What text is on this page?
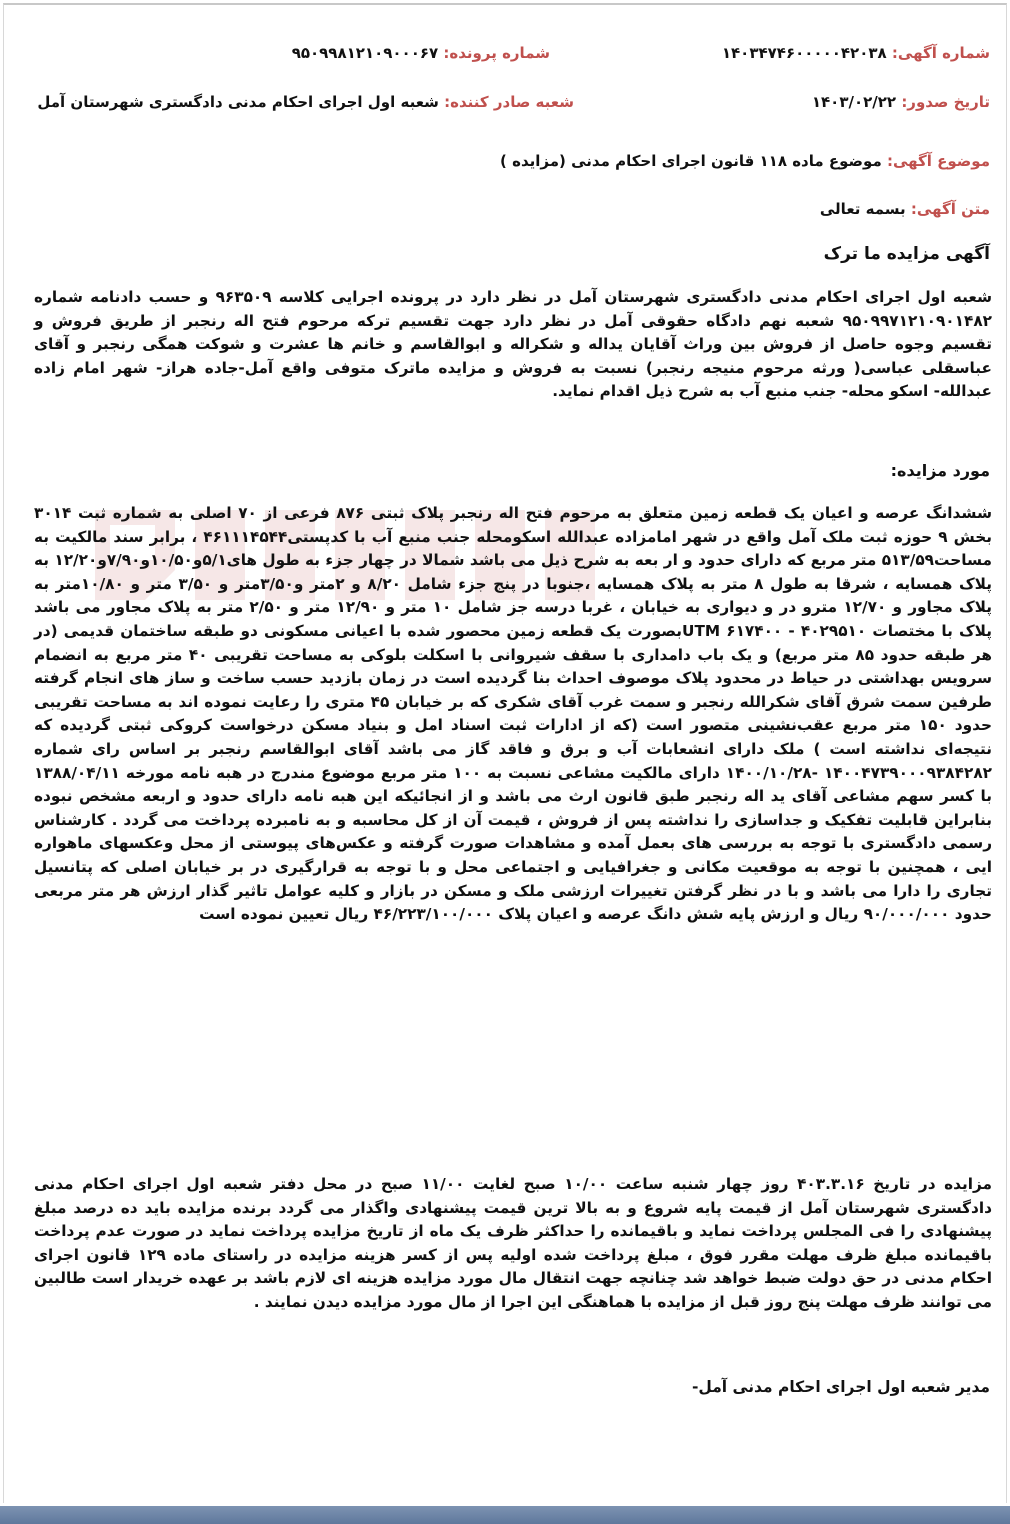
شماره آگهی: ۱۴۰۳۴۷۴۶۰۰۰۰۰۴۲۰۳۸
شماره پرونده: ۹۵۰۹۹۸۱۲۱۰۹۰۰۰۶۷
تاریخ صدور: ۱۴۰۳/۰۲/۲۲
شعبه صادر کننده: شعبه اول اجرای احکام مدنی دادگستری شهرستان آمل
موضوع آگهی: موضوع ماده ۱۱۸ قانون اجرای احکام مدنی (مزایده )
متن آگهی: بسمه تعالی
آگهی مزایده ما ترک
شعبه اول اجرای احکام مدنی دادگستری شهرستان آمل در نظر دارد در پرونده اجرایی کلاسه ۹۶۳۵۰۹ و حسب دادنامه شماره ۹۵۰۹۹۷۱۲۱۰۹۰۱۴۸۲ شعبه نهم دادگاه حقوقی آمل در نظر دارد جهت تقسیم ترکه مرحوم فتح اله رنجبر از طریق فروش و تقسیم وجوه حاصل از فروش بین وراث آقایان یداله و شکراله و ابوالقاسم و خانم ها عشرت و شوکت همگی رنجبر و آقای عباسقلی عباسی( ورثه مرحوم منیجه رنجبر) نسبت به فروش و مزایده ماترک متوفی واقع آمل-جاده هراز- شهر امام زاده عبدالله- اسکو محله- جنب منبع آب به شرح ذیل اقدام نماید.
مورد مزایده:
ششدانگ عرصه و اعیان یک قطعه زمین متعلق به مرحوم فتح اله رنجبر پلاک ثبتی ۸۷۶ فرعی از ۷۰ اصلی به شماره ثبت ۳۰۱۴ بخش ۹ حوزه ثبت ملک آمل واقع در شهر امامزاده عبدالله اسکومحله جنب منبع آب با کدپستی۴۶۱۱۱۴۵۴۴ ، برابر سند مالکیت به مساحت۵۱۳/۵۹ متر مربع که دارای حدود و ار بعه به شرح ذیل می باشد شمالا در چهار جزء به طول های۵/۱و۱۰/۵۰و۷/۹۰و۱۲/۲۰ به پلاک همسایه ، شرقا به طول ۸ متر به پلاک همسایه ،جنوبا در پنج جزء شامل ۸/۲۰ و ۲متر و۳/۵۰متر و ۳/۵۰ متر و ۱۰/۸۰متر به پلاک مجاور و ۱۲/۷۰ مترو در و دیواری به خیابان ، غربا درسه جز شامل ۱۰ متر و ۱۲/۹۰ متر و ۲/۵۰ متر به پلاک مجاور می باشد پلاک با مختصات ۴۰۲۹۵۱۰ - ۶۱۷۴۰۰ UTMبصورت یک قطعه زمین محصور شده با اعیانی مسکونی دو طبقه ساختمان قدیمی (در هر طبقه حدود ۸۵ متر مربع) و یک باب دامداری با سقف شیروانی با اسکلت بلوکی به مساحت تقریبی ۴۰ متر مربع به انضمام سرویس بهداشتی در حیاط در محدود پلاک موصوف احداث بنا گردیده است در زمان بازدید حسب ساخت و ساز های انجام گرفته طرفین سمت شرق آقای شکرالله رنجبر و سمت غرب آقای شکری که بر خیابان ۴۵ متری را رعایت نموده اند به مساحت تقریبی حدود ۱۵۰ متر مربع عقب‌نشینی متصور است (که از ادارات ثبت اسناد امل و بنیاد مسکن درخواست کروکی ثبتی گردیده که نتیجه‌ای نداشته است ) ملک دارای انشعابات آب و برق و فاقد گاز می باشد آقای ابوالقاسم رنجبر بر اساس رای شماره ۱۴۰۰۴۷۳۹۰۰۰۹۳۸۴۲۸۲ -۱۴۰۰/۱۰/۲۸ دارای مالکیت مشاعی نسبت به ۱۰۰ متر مربع موضوع مندرج در هبه نامه مورخه ۱۳۸۸/۰۴/۱۱ با کسر سهم مشاعی آقای ید اله رنجبر طبق قانون ارث می باشد و از انجائیکه این هبه نامه دارای حدود و اربعه مشخص نبوده بنابراین قابلیت تفکیک و جداسازی را نداشته پس از فروش ، قیمت آن از کل محاسبه و به نامبرده پرداخت می گردد . کارشناس رسمی دادگستری با توجه به بررسی های بعمل آمده و مشاهدات صورت گرفته و عکس‌های پیوستی از محل وعکسهای ماهواره ایی ، همچنین با توجه به موقعیت مکانی و جغرافیایی و اجتماعی محل و با توجه به قرارگیری در بر خیابان اصلی که پتانسیل تجاری را دارا می باشد و با در نظر گرفتن تغییرات ارزشی ملک و مسکن در بازار و کلیه عوامل تاثیر گذار ارزش هر متر مربعی حدود ۹۰/۰۰۰/۰۰۰ ریال و ارزش پایه شش دانگ عرصه و اعیان پلاک ۴۶/۲۲۳/۱۰۰/۰۰۰ ریال تعیین نموده است
مزایده در تاریخ ۴۰۳.۳.۱۶ روز چهار شنبه ساعت ۱۰/۰۰ صبح لغایت ۱۱/۰۰ صبح در محل دفتر شعبه اول اجرای احکام مدنی دادگستری شهرستان آمل از قیمت پایه شروع و به بالا ترین قیمت پیشنهادی واگذار می گردد برنده مزایده باید ده درصد مبلغ پیشنهادی را فی المجلس پرداخت نماید و باقیمانده را حداکثر ظرف یک ماه از تاریخ مزایده پرداخت نماید در صورت عدم پرداخت باقیمانده مبلغ ظرف مهلت مقرر فوق ، مبلغ پرداخت شده اولیه پس از کسر هزینه مزایده در راستای ماده ۱۲۹ قانون اجرای احکام مدنی در حق دولت ضبط خواهد شد چنانچه جهت انتقال مال مورد مزایده هزینه ای لازم باشد بر عهده خریدار است طالبین می توانند ظرف مهلت پنج روز قبل از مزایده با هماهنگی این اجرا از مال مورد مزایده دیدن نمایند .
مدیر شعبه اول اجرای احکام مدنی آمل-
